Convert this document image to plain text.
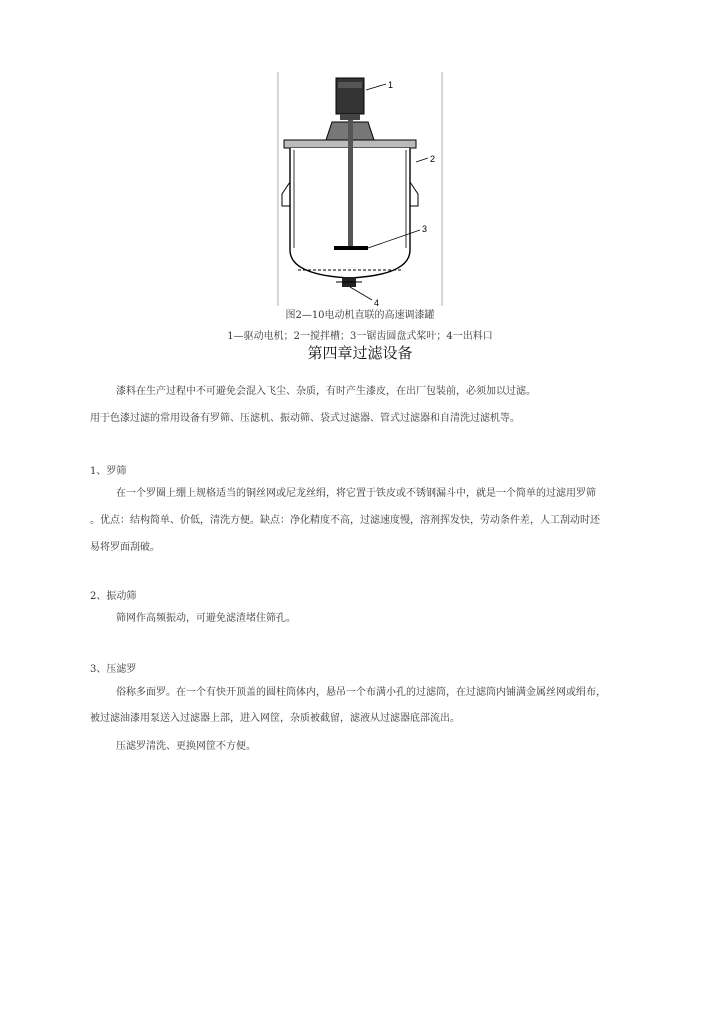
1
2
3
4
图2—10电动机直联的高速调漆罐
1—驱动电机；2一搅拌槽；3一锯齿圆盘式桨叶；4一出料口
第四章过滤设备
漆料在生产过程中不可避免会混入飞尘、杂质，有时产生漆皮，在出厂包装前，必须加以过滤。
用于色漆过滤的常用设备有罗筛、压滤机、振动筛、袋式过滤器、管式过滤器和自清洗过滤机等。
1、罗筛
在一个罗圈上绷上规格适当的铜丝网或尼龙丝绢，将它置于铁皮或不锈钢漏斗中，就是一个简单的过滤用罗筛
。优点：结构简单、价低，清洗方便。缺点：净化精度不高，过滤速度慢，溶剂挥发快，劳动条件差，人工刮动时还
易将罗面刮破。
2、振动筛
筛网作高频振动，可避免滤渣堵住筛孔。
3、压滤罗
俗称多面罗。在一个有快开顶盖的圆柱筒体内，悬吊一个布满小孔的过滤筒，在过滤筒内铺满金属丝网或绢布，
被过滤油漆用泵送入过滤器上部，进入网筐，杂质被截留，滤液从过滤器底部流出。
压滤罗清洗、更换网筐不方便。
